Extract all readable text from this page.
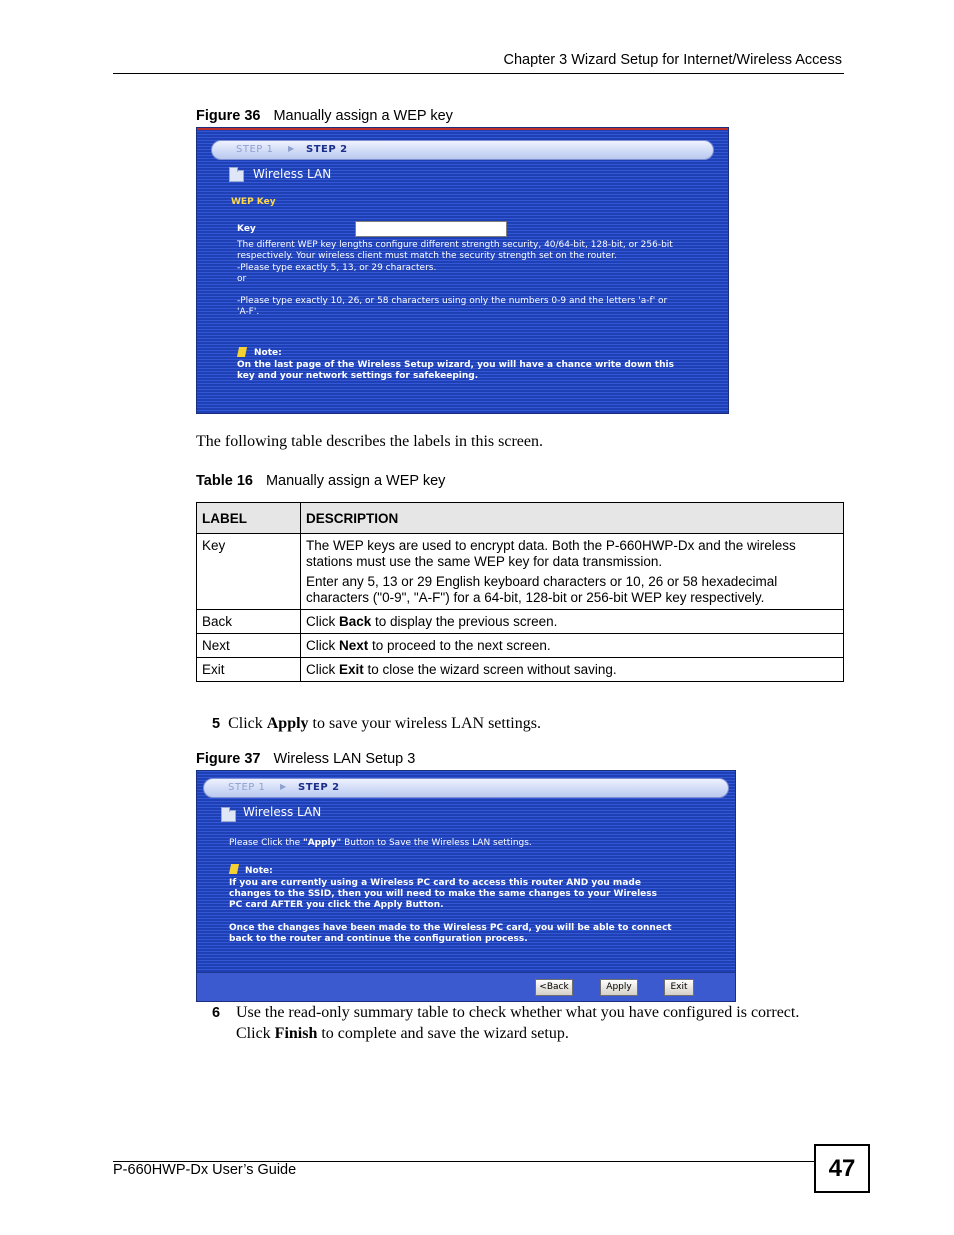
Chapter 3 Wizard Setup for Internet/Wireless Access
Figure 36 Manually assign a WEP key
STEP 1 ▶ STEP 2
Wireless LAN
WEP Key
Key
The different WEP key lengths configure different strength security, 40/64-bit, 128-bit, or 256-bit
respectively. Your wireless client must match the security strength set on the router.
-Please type exactly 5, 13, or 29 characters.
or
-Please type exactly 10, 26, or 58 characters using only the numbers 0-9 and the letters 'a-f' or
'A-F'.
Note:
On the last page of the Wireless Setup wizard, you will have a chance write down this
key and your network settings for safekeeping.
The following table describes the labels in this screen.
Table 16 Manually assign a WEP key
LABEL	DESCRIPTION
Key	The WEP keys are used to encrypt data. Both the P-660HWP-Dx and the wireless stations must use the same WEP key for data transmission.

Enter any 5, 13 or 29 English keyboard characters or 10, 26 or 58 hexadecimal characters ("0-9", "A-F") for a 64-bit, 128-bit or 256-bit WEP key respectively.

Back	Click Back to display the previous screen.
Next	Click Next to proceed to the next screen.
Exit	Click Exit to close the wizard screen without saving.
5 Click Apply to save your wireless LAN settings.
Figure 37 Wireless LAN Setup 3
STEP 1 ▶ STEP 2
Wireless LAN
Please Click the "Apply" Button to Save the Wireless LAN settings.
Note:
If you are currently using a Wireless PC card to access this router AND you made
changes to the SSID, then you will need to make the same changes to your Wireless
PC card AFTER you click the Apply Button.
Once the changes have been made to the Wireless PC card, you will be able to connect
back to the router and continue the configuration process.
<Back	Apply	Exit
6 Use the read-only summary table to check whether what you have configured is correct.
Click Finish to complete and save the wizard setup.
P-660HWP-Dx User’s Guide	47
